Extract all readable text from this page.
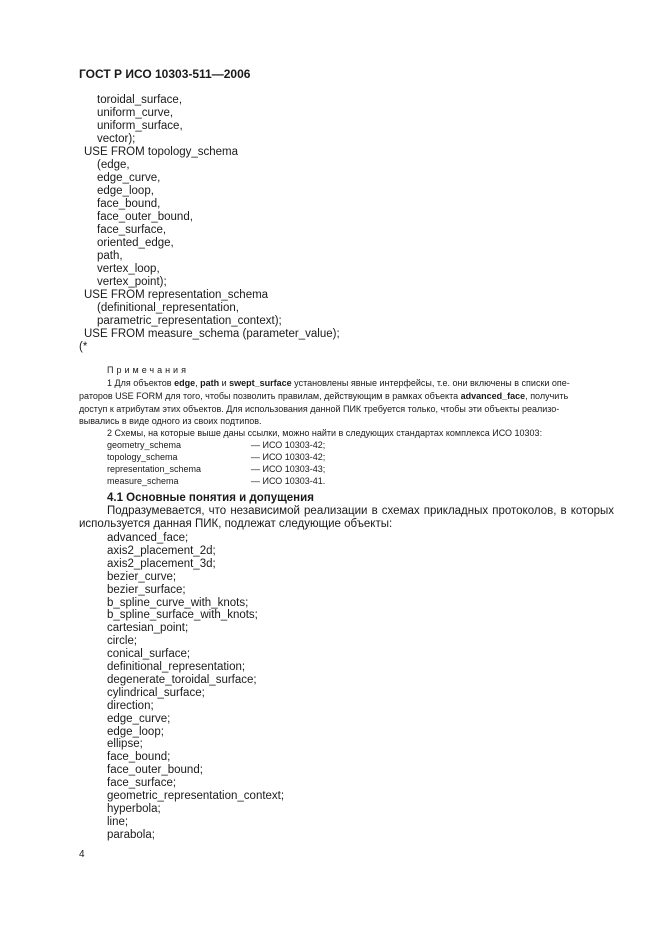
ГОСТ Р ИСО 10303-511—2006
toroidal_surface,
uniform_curve,
uniform_surface,
vector);
USE FROM topology_schema
(edge,
edge_curve,
edge_loop,
face_bound,
face_outer_bound,
face_surface,
oriented_edge,
path,
vertex_loop,
vertex_point);
USE FROM representation_schema
(definitional_representation,
parametric_representation_context);
USE FROM measure_schema (parameter_value);
(*
Примечания
1 Для объектов edge, path и swept_surface установлены явные интерфейсы, т.е. они включены в списки опе-
раторов USE FORM для того, чтобы позволить правилам, действующим в рамках объекта advanced_face, получить
доступ к атрибутам этих объектов. Для использования данной ПИК требуется только, чтобы эти объекты реализо-
вывались в виде одного из своих подтипов.
2 Схемы, на которые выше даны ссылки, можно найти в следующих стандартах комплекса ИСО 10303:
geometry_schema	— ИСО 10303-42;
topology_schema	— ИСО 10303-42;
representation_schema	— ИСО 10303-43;
measure_schema	— ИСО 10303-41.
4.1 Основные понятия и допущения
Подразумевается, что независимой реализации в схемах прикладных протоколов, в которых
используется данная ПИК, подлежат следующие объекты:
advanced_face;
axis2_placement_2d;
axis2_placement_3d;
bezier_curve;
bezier_surface;
b_spline_curve_with_knots;
b_spline_surface_with_knots;
cartesian_point;
circle;
conical_surface;
definitional_representation;
degenerate_toroidal_surface;
cylindrical_surface;
direction;
edge_curve;
edge_loop;
ellipse;
face_bound;
face_outer_bound;
face_surface;
geometric_representation_context;
hyperbola;
line;
parabola;
4
